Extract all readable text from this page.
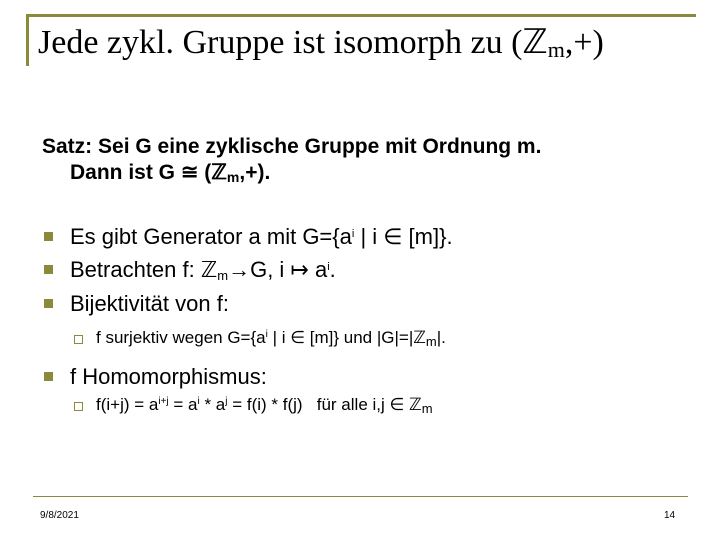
Jede zykl. Gruppe ist isomorph zu (ℤ$_m$,+)
Satz: Sei G eine zyklische Gruppe mit Ordnung m.
Dann ist G ≅ (ℤ$_m$,+).
Es gibt Generator a mit $G=\{a^i$ | i ∈ [m]}.
Betrachten f: ℤ$_m$→G, i ↦ $a^i$.
Bijektivität von f:
f surjektiv wegen $G=\{a^i$ | i ∈ [m]} und |G|=|ℤ$_m$|.
f Homomorphismus:
$f(i+j) = a^{i+j} = a^i * a^j = f(i) * f(j)$   für alle i,j ∈ ℤ$_m$
9/8/2021	14
